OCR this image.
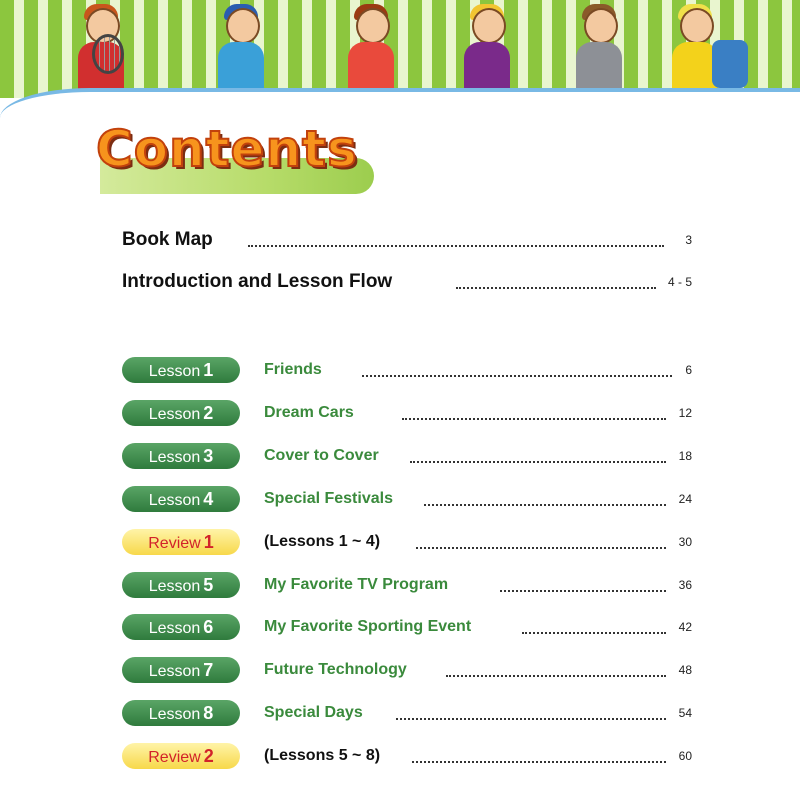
Contents
Book Map	3
Introduction and Lesson Flow	4 - 5
Lesson 1	Friends	6
Lesson 2	Dream Cars	12
Lesson 3	Cover to Cover	18
Lesson 4	Special Festivals	24
Review 1	(Lessons 1 ~ 4)	30
Lesson 5	My Favorite TV Program	36
Lesson 6	My Favorite Sporting Event	42
Lesson 7	Future Technology	48
Lesson 8	Special Days	54
Review 2	(Lessons 5 ~ 8)	60
